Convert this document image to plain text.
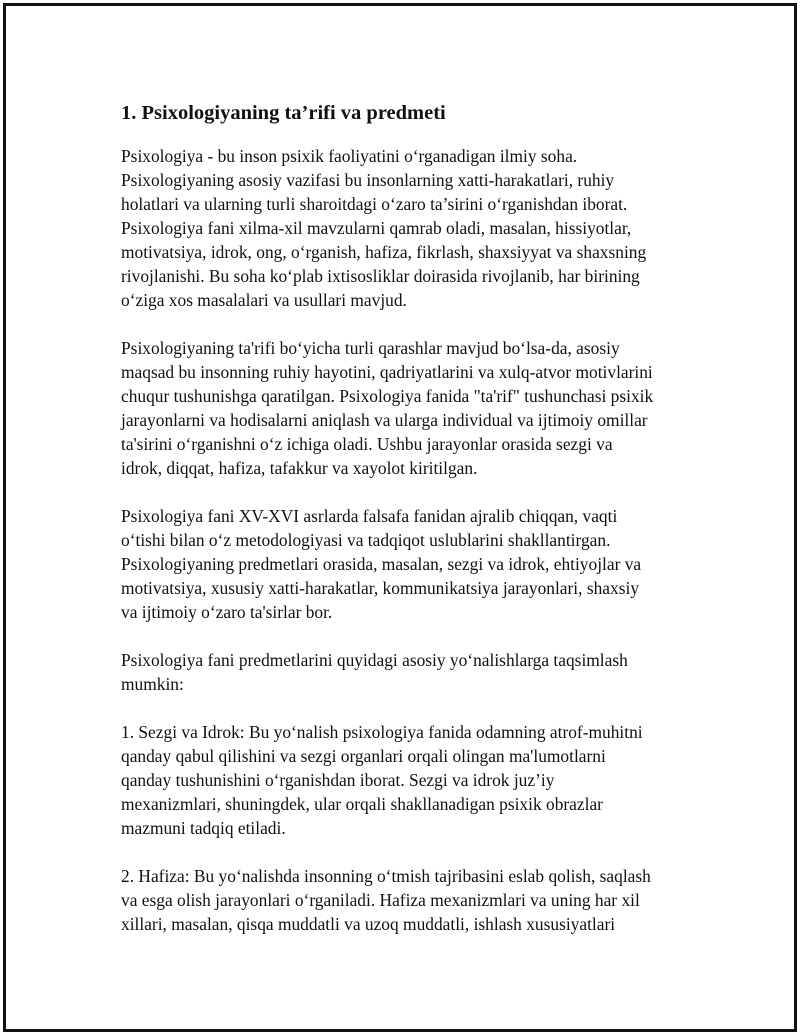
1. Psixologiyaning ta’rifi va predmeti
Psixologiya - bu inson psixik faoliyatini o‘rganadigan ilmiy soha.
Psixologiyaning asosiy vazifasi bu insonlarning xatti-harakatlari, ruhiy
holatlari va ularning turli sharoitdagi o‘zaro ta’sirini o‘rganishdan iborat.
Psixologiya fani xilma-xil mavzularni qamrab oladi, masalan, hissiyotlar,
motivatsiya, idrok, ong, o‘rganish, hafiza, fikrlash, shaxsiyyat va shaxsning
rivojlanishi. Bu soha ko‘plab ixtisosliklar doirasida rivojlanib, har birining
o‘ziga xos masalalari va usullari mavjud.
Psixologiyaning ta'rifi bo‘yicha turli qarashlar mavjud bo‘lsa-da, asosiy
maqsad bu insonning ruhiy hayotini, qadriyatlarini va xulq-atvor motivlarini
chuqur tushunishga qaratilgan. Psixologiya fanida "ta'rif" tushunchasi psixik
jarayonlarni va hodisalarni aniqlash va ularga individual va ijtimoiy omillar
ta'sirini o‘rganishni o‘z ichiga oladi. Ushbu jarayonlar orasida sezgi va
idrok, diqqat, hafiza, tafakkur va xayolot kiritilgan.
Psixologiya fani XV-XVI asrlarda falsafa fanidan ajralib chiqqan, vaqti
o‘tishi bilan o‘z metodologiyasi va tadqiqot uslublarini shakllantirgan.
Psixologiyaning predmetlari orasida, masalan, sezgi va idrok, ehtiyojlar va
motivatsiya, xususiy xatti-harakatlar, kommunikatsiya jarayonlari, shaxsiy
va ijtimoiy o‘zaro ta'sirlar bor.
Psixologiya fani predmetlarini quyidagi asosiy yo‘nalishlarga taqsimlash
mumkin:
1. Sezgi va Idrok: Bu yo‘nalish psixologiya fanida odamning atrof-muhitni
qanday qabul qilishini va sezgi organlari orqali olingan ma'lumotlarni
qanday tushunishini o‘rganishdan iborat. Sezgi va idrok juz’iy
mexanizmlari, shuningdek, ular orqali shakllanadigan psixik obrazlar
mazmuni tadqiq etiladi.
2. Hafiza: Bu yo‘nalishda insonning o‘tmish tajribasini eslab qolish, saqlash
va esga olish jarayonlari o‘rganiladi. Hafiza mexanizmlari va uning har xil
xillari, masalan, qisqa muddatli va uzoq muddatli, ishlash xususiyatlari
